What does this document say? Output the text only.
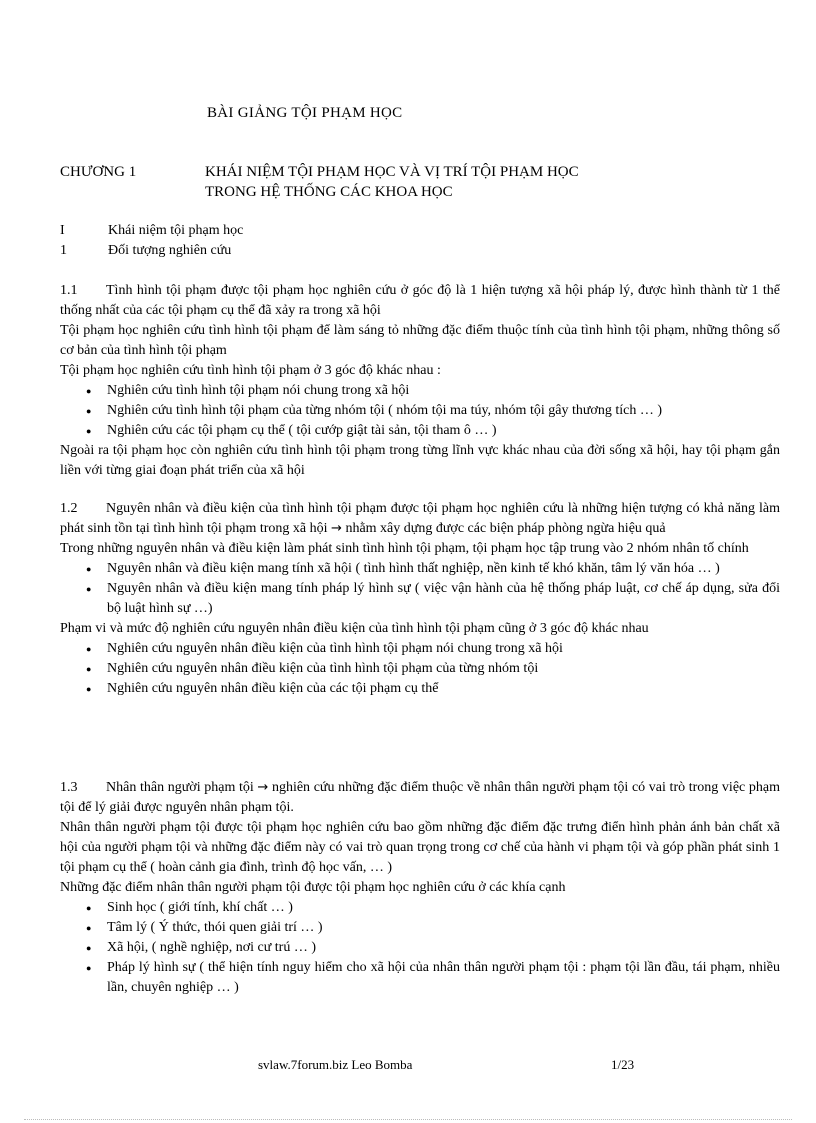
BÀI GIẢNG TỘI PHẠM HỌC
CHƯƠNG 1	KHÁI NIỆM TỘI PHẠM HỌC VÀ VỊ TRÍ TỘI PHẠM HỌC
TRONG HỆ THỐNG CÁC KHOA HỌC
I	Khái niệm tội phạm học
1	Đối tượng nghiên cứu

1.1 Tình hình tội phạm được tội phạm học nghiên cứu ở góc độ là 1 hiện tượng xã hội pháp lý, được hình thành từ 1 thể thống nhất của các tội phạm cụ thể đã xảy ra trong xã hội

Tội phạm học nghiên cứu tình hình tội phạm để làm sáng tỏ những đặc điểm thuộc tính của tình hình tội phạm, những thông số cơ bản của tình hình tội phạm

Tội phạm học nghiên cứu tình hình tội phạm ở 3 góc độ khác nhau :

● Nghiên cứu tình hình tội phạm nói chung trong xã hội
● Nghiên cứu tình hình tội phạm của từng nhóm tội ( nhóm tội ma túy, nhóm tội gây thương tích … )
● Nghiên cứu các tội phạm cụ thể ( tội cướp giật tài sản, tội tham ô … )

Ngoài ra tội phạm học còn nghiên cứu tình hình tội phạm trong từng lĩnh vực khác nhau của đời sống xã hội, hay tội phạm gắn liền với từng giai đoạn phát triển của xã hội

1.2 Nguyên nhân và điều kiện của tình hình tội phạm được tội phạm học nghiên cứu là những hiện tượng có khả năng làm phát sinh tồn tại tình hình tội phạm trong xã hội → nhằm xây dựng được các biện pháp phòng ngừa hiệu quả

Trong những nguyên nhân và điều kiện làm phát sinh tình hình tội phạm, tội phạm học tập trung vào 2 nhóm nhân tố chính

● Nguyên nhân và điều kiện mang tính xã hội ( tình hình thất nghiệp, nền kinh tế khó khăn, tâm lý văn hóa … )
● Nguyên nhân và điều kiện mang tính pháp lý hình sự ( việc vận hành của hệ thống pháp luật, cơ chế áp dụng, sửa đổi bộ luật hình sự …)

Phạm vi và mức độ nghiên cứu nguyên nhân điều kiện của tình hình tội phạm cũng ở 3 góc độ khác nhau

● Nghiên cứu nguyên nhân điều kiện của tình hình tội phạm nói chung trong xã hội
● Nghiên cứu nguyên nhân điều kiện của tình hình tội phạm của từng nhóm tội
● Nghiên cứu nguyên nhân điều kiện của các tội phạm cụ thể

1.3 Nhân thân người phạm tội → nghiên cứu những đặc điểm thuộc về nhân thân người phạm tội có vai trò trong việc phạm tội để lý giải được nguyên nhân phạm tội.

Nhân thân người phạm tội được tội phạm học nghiên cứu bao gồm những đặc điểm đặc trưng điển hình phản ánh bản chất xã hội của người phạm tội và những đặc điểm này có vai trò quan trọng trong cơ chế của hành vi phạm tội và góp phần phát sinh 1 tội phạm cụ thể ( hoàn cảnh gia đình, trình độ học vấn, … )

Những đặc điểm nhân thân người phạm tội được tội phạm học nghiên cứu ở các khía cạnh

● Sinh học ( giới tính, khí chất … )
● Tâm lý ( Ý thức, thói quen giải trí … )
● Xã hội, ( nghề nghiệp, nơi cư trú … )
● Pháp lý hình sự ( thể hiện tính nguy hiểm cho xã hội của nhân thân người phạm tội : phạm tội lần đầu, tái phạm, nhiều lần, chuyên nghiệp … )
svlaw.7forum.biz Leo Bomba	1/23
